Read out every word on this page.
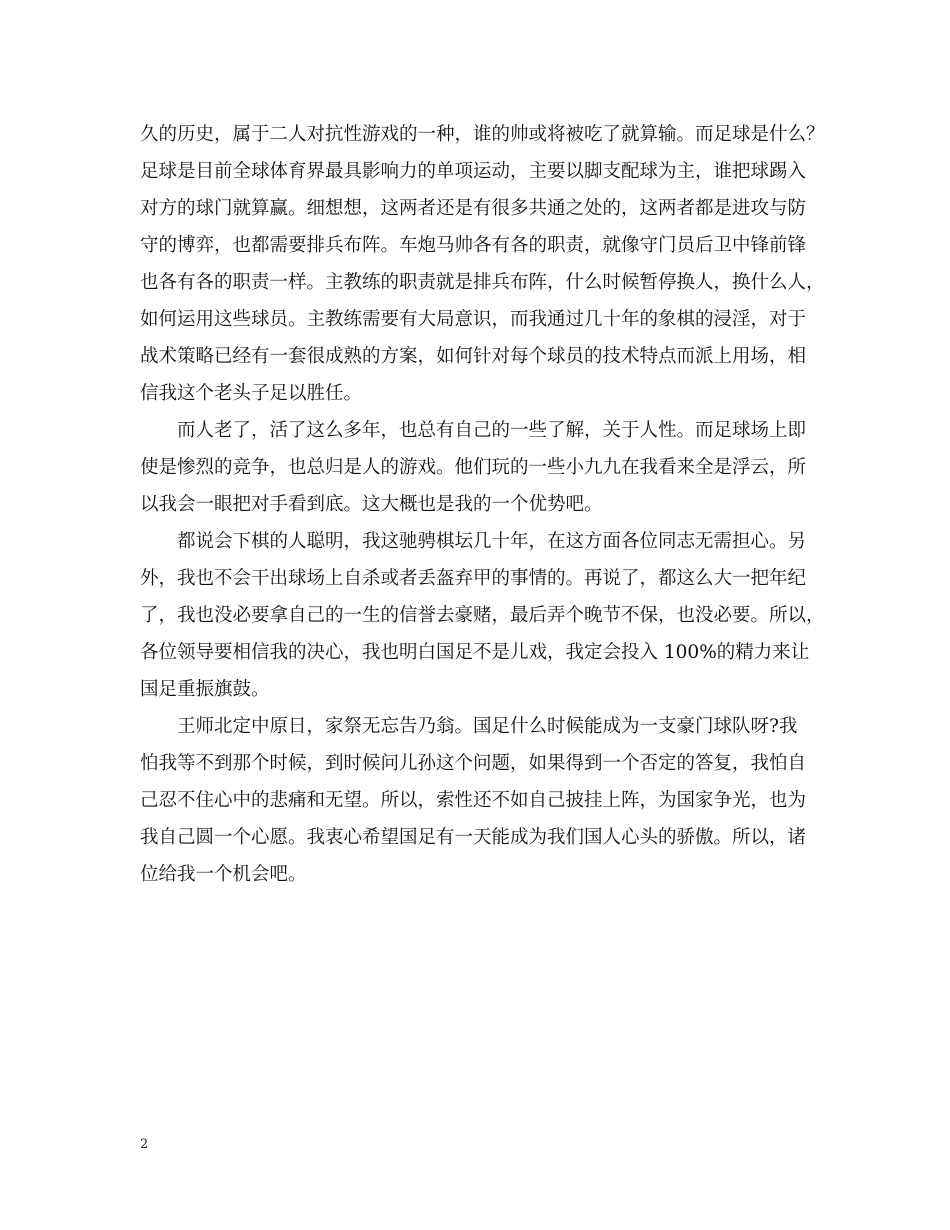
久的历史，属于二人对抗性游戏的一种，谁的帅或将被吃了就算输。而足球是什么？
足球是目前全球体育界最具影响力的单项运动，主要以脚支配球为主，谁把球踢入
对方的球门就算赢。细想想，这两者还是有很多共通之处的，这两者都是进攻与防
守的博弈，也都需要排兵布阵。车炮马帅各有各的职责，就像守门员后卫中锋前锋
也各有各的职责一样。主教练的职责就是排兵布阵，什么时候暂停换人，换什么人，
如何运用这些球员。主教练需要有大局意识，而我通过几十年的象棋的浸淫，对于
战术策略已经有一套很成熟的方案，如何针对每个球员的技术特点而派上用场，相
信我这个老头子足以胜任。
而人老了，活了这么多年，也总有自己的一些了解，关于人性。而足球场上即
使是惨烈的竞争，也总归是人的游戏。他们玩的一些小九九在我看来全是浮云，所
以我会一眼把对手看到底。这大概也是我的一个优势吧。
都说会下棋的人聪明，我这驰骋棋坛几十年，在这方面各位同志无需担心。另
外，我也不会干出球场上自杀或者丢盔弃甲的事情的。再说了，都这么大一把年纪
了，我也没必要拿自己的一生的信誉去豪赌，最后弄个晚节不保，也没必要。所以，
各位领导要相信我的决心，我也明白国足不是儿戏，我定会投入 100%的精力来让
国足重振旗鼓。
王师北定中原日，家祭无忘告乃翁。国足什么时候能成为一支豪门球队呀?我
怕我等不到那个时候，到时候问儿孙这个问题，如果得到一个否定的答复，我怕自
己忍不住心中的悲痛和无望。所以，索性还不如自己披挂上阵，为国家争光，也为
我自己圆一个心愿。我衷心希望国足有一天能成为我们国人心头的骄傲。所以，诸
位给我一个机会吧。
2
